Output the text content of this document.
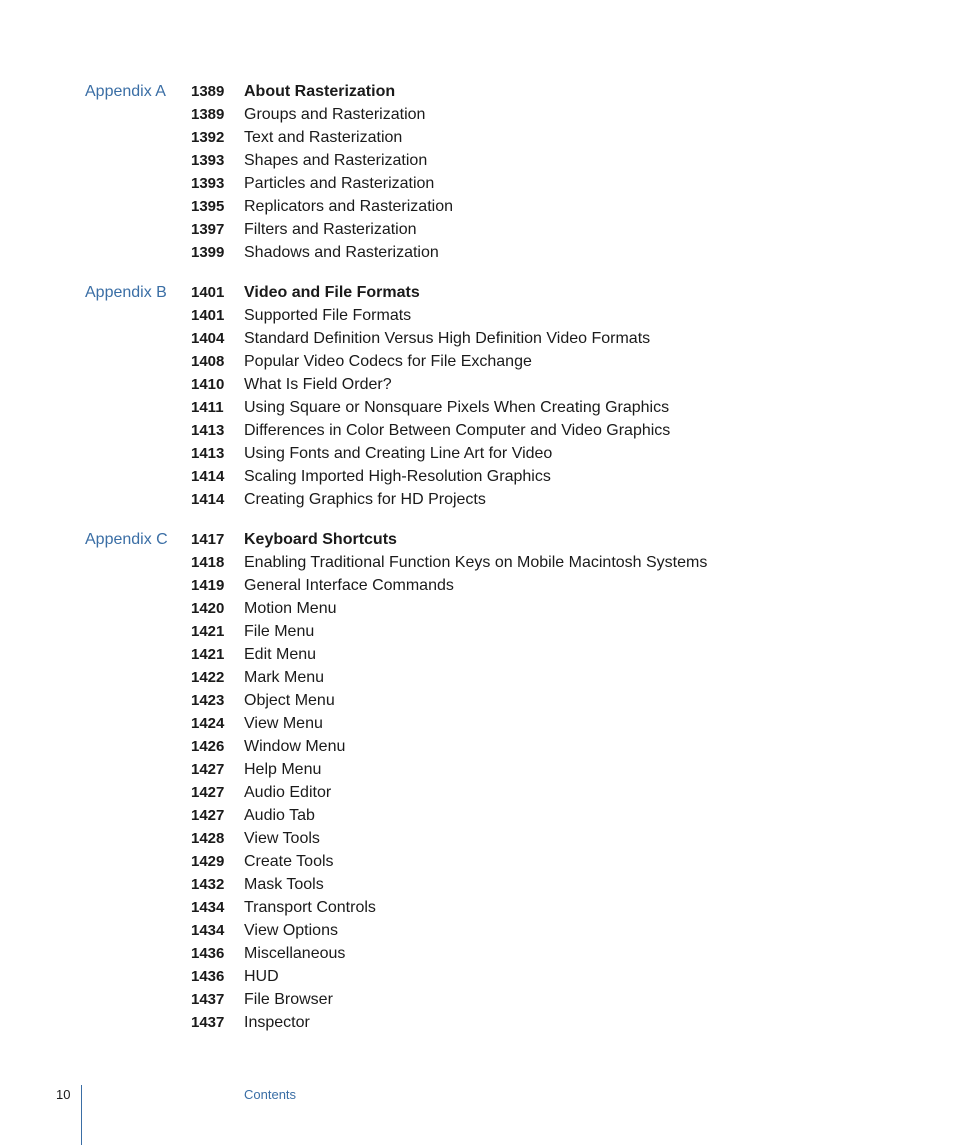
Appendix A 1389 About Rasterization
1389 Groups and Rasterization
1392 Text and Rasterization
1393 Shapes and Rasterization
1393 Particles and Rasterization
1395 Replicators and Rasterization
1397 Filters and Rasterization
1399 Shadows and Rasterization
Appendix B 1401 Video and File Formats
1401 Supported File Formats
1404 Standard Definition Versus High Definition Video Formats
1408 Popular Video Codecs for File Exchange
1410 What Is Field Order?
1411 Using Square or Nonsquare Pixels When Creating Graphics
1413 Differences in Color Between Computer and Video Graphics
1413 Using Fonts and Creating Line Art for Video
1414 Scaling Imported High-Resolution Graphics
1414 Creating Graphics for HD Projects
Appendix C 1417 Keyboard Shortcuts
1418 Enabling Traditional Function Keys on Mobile Macintosh Systems
1419 General Interface Commands
1420 Motion Menu
1421 File Menu
1421 Edit Menu
1422 Mark Menu
1423 Object Menu
1424 View Menu
1426 Window Menu
1427 Help Menu
1427 Audio Editor
1427 Audio Tab
1428 View Tools
1429 Create Tools
1432 Mask Tools
1434 Transport Controls
1434 View Options
1436 Miscellaneous
1436 HUD
1437 File Browser
1437 Inspector
10	Contents
